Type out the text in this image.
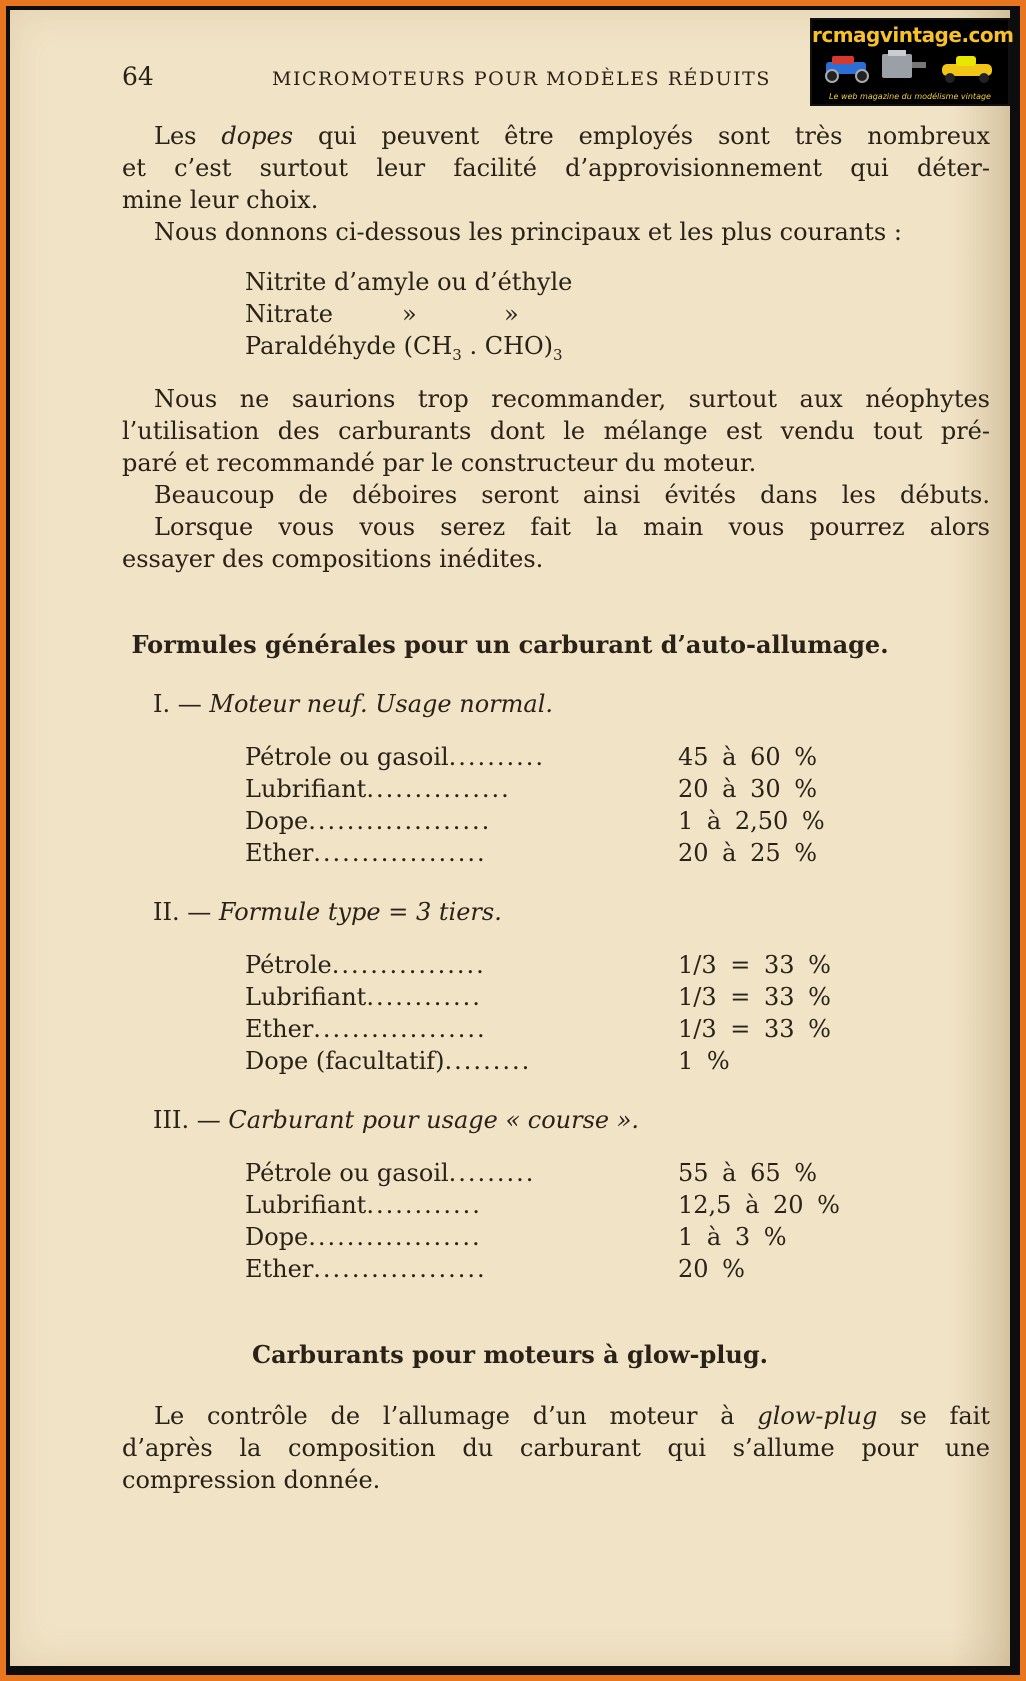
64	MICROMOTEURS POUR MODÈLES RÉDUITS
rcmagvintage.com
Le web magazine du modélisme vintage
Les dopes qui peuvent être employés sont très nombreux
et c’est surtout leur facilité d’approvisionnement qui déter-
mine leur choix.
Nous donnons ci-dessous les principaux et les plus courants :
Nitrite d’amyle ou d’éthyle
Nitrate	»	»
Paraldéhyde ($CH_3$ . $CHO)_3$
Nous ne saurions trop recommander, surtout aux néophytes
l’utilisation des carburants dont le mélange est vendu tout pré-
paré et recommandé par le constructeur du moteur.
Beaucoup de déboires seront ainsi évités dans les débuts.
Lorsque vous vous serez fait la main vous pourrez alors
essayer des compositions inédites.
Formules générales pour un carburant d’auto-allumage.
I. — Moteur neuf. Usage normal.
II. — Formule type = 3 tiers.
III. — Carburant pour usage « course ».
Carburants pour moteurs à glow-plug.
Le contrôle de l’allumage d’un moteur à glow-plug se fait
d’après la composition du carburant qui s’allume pour une
compression donnée.
Pétrole ou gasoil..........	45 à 60 %
Lubrifiant...............	20 à 30 %
Dope...................	1 à 2,50 %
Ether..................	20 à 25 %
Pétrole................	1/3 = 33 %
Lubrifiant............	1/3 = 33 %
Ether..................	1/3 = 33 %
Dope (facultatif).........	1 %
Pétrole ou gasoil.........	55 à 65 %
Lubrifiant............	12,5 à 20 %
Dope..................	1 à 3 %
Ether..................	20 %
